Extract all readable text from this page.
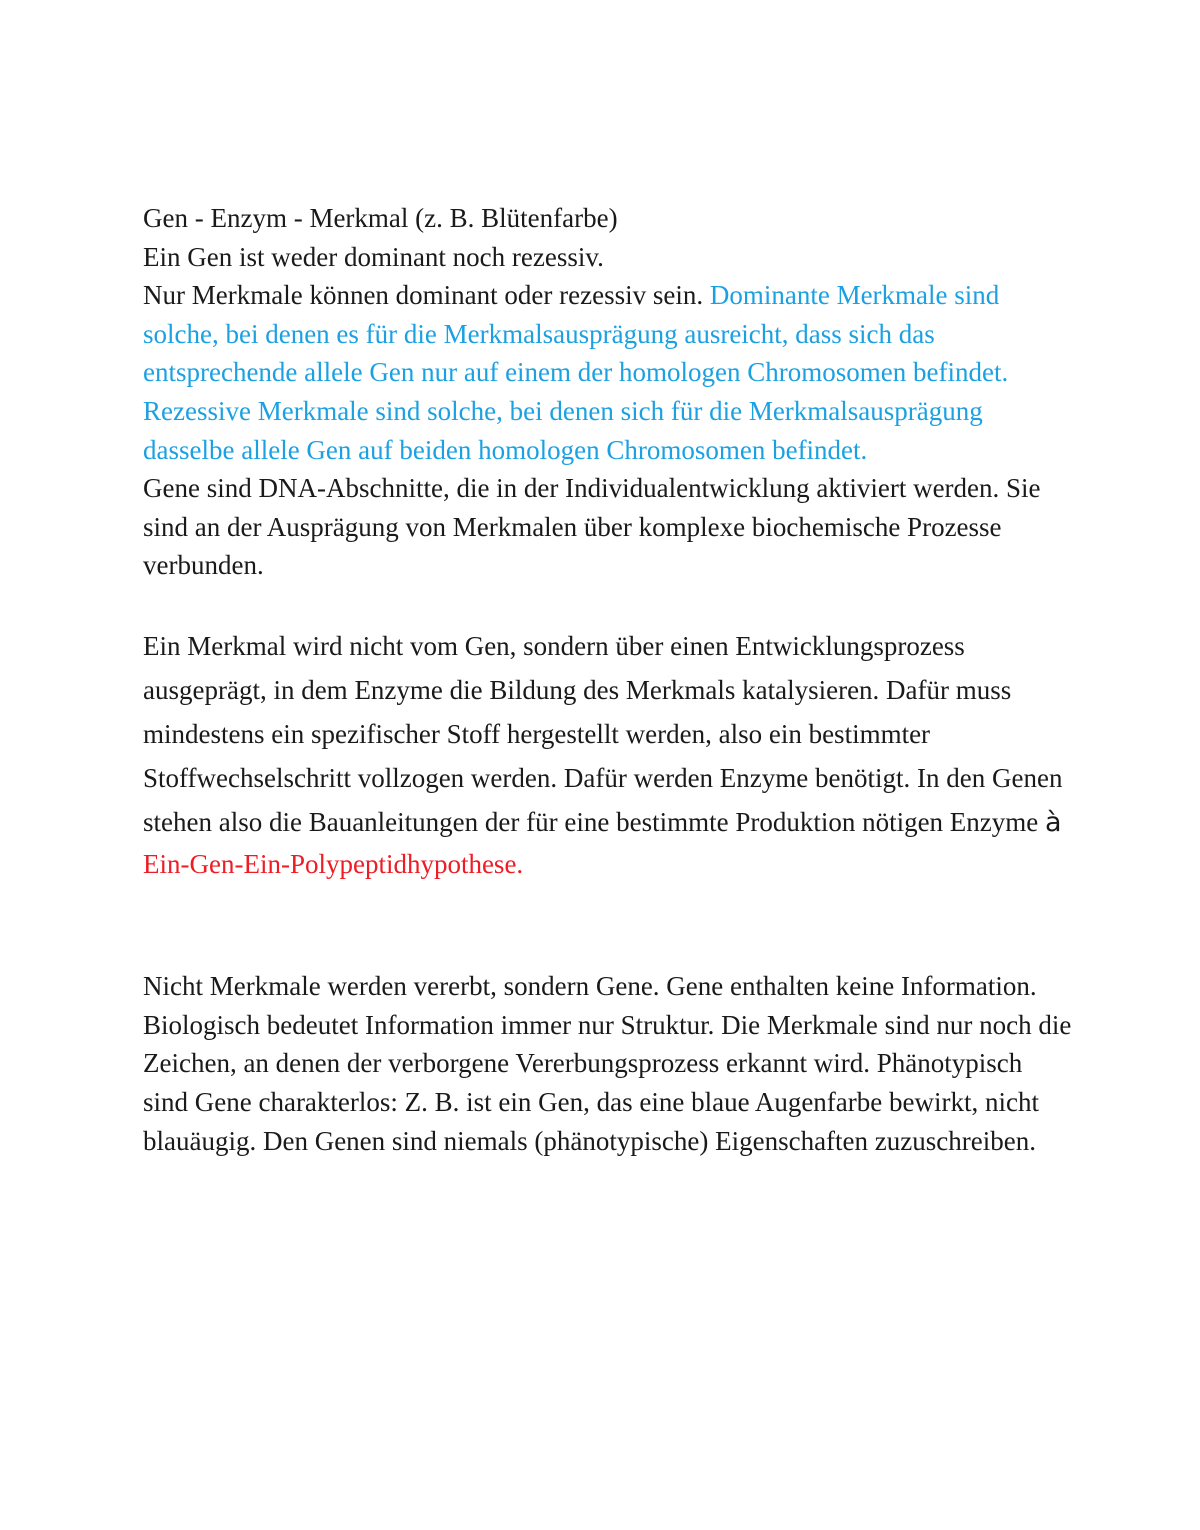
Gen - Enzym - Merkmal (z. B. Blütenfarbe)

Ein Gen ist weder dominant noch rezessiv.

Nur Merkmale können dominant oder rezessiv sein. Dominante Merkmale sind solche, bei denen es für die Merkmalsausprägung ausreicht, dass sich das entsprechende allele Gen nur auf einem der homologen Chromosomen befindet. Rezessive Merkmale sind solche, bei denen sich für die Merkmalsausprägung dasselbe allele Gen auf beiden homologen Chromosomen befindet.

Gene sind DNA-Abschnitte, die in der Individualentwicklung aktiviert werden. Sie sind an der Ausprägung von Merkmalen über komplexe biochemische Prozesse verbunden.

Ein Merkmal wird nicht vom Gen, sondern über einen Entwicklungsprozess ausgeprägt, in dem Enzyme die Bildung des Merkmals katalysieren. Dafür muss mindestens ein spezifischer Stoff hergestellt werden, also ein bestimmter Stoffwechselschritt vollzogen werden. Dafür werden Enzyme benötigt. In den Genen stehen also die Bauanleitungen der für eine bestimmte Produktion nötigen Enzyme à

Ein-Gen-Ein-Polypeptidhypothese.

Nicht Merkmale werden vererbt, sondern Gene. Gene enthalten keine Information. Biologisch bedeutet Information immer nur Struktur. Die Merkmale sind nur noch die Zeichen, an denen der verborgene Vererbungsprozess erkannt wird. Phänotypisch sind Gene charakterlos: Z. B. ist ein Gen, das eine blaue Augenfarbe bewirkt, nicht blauäugig. Den Genen sind niemals (phänotypische) Eigenschaften zuzuschreiben.
